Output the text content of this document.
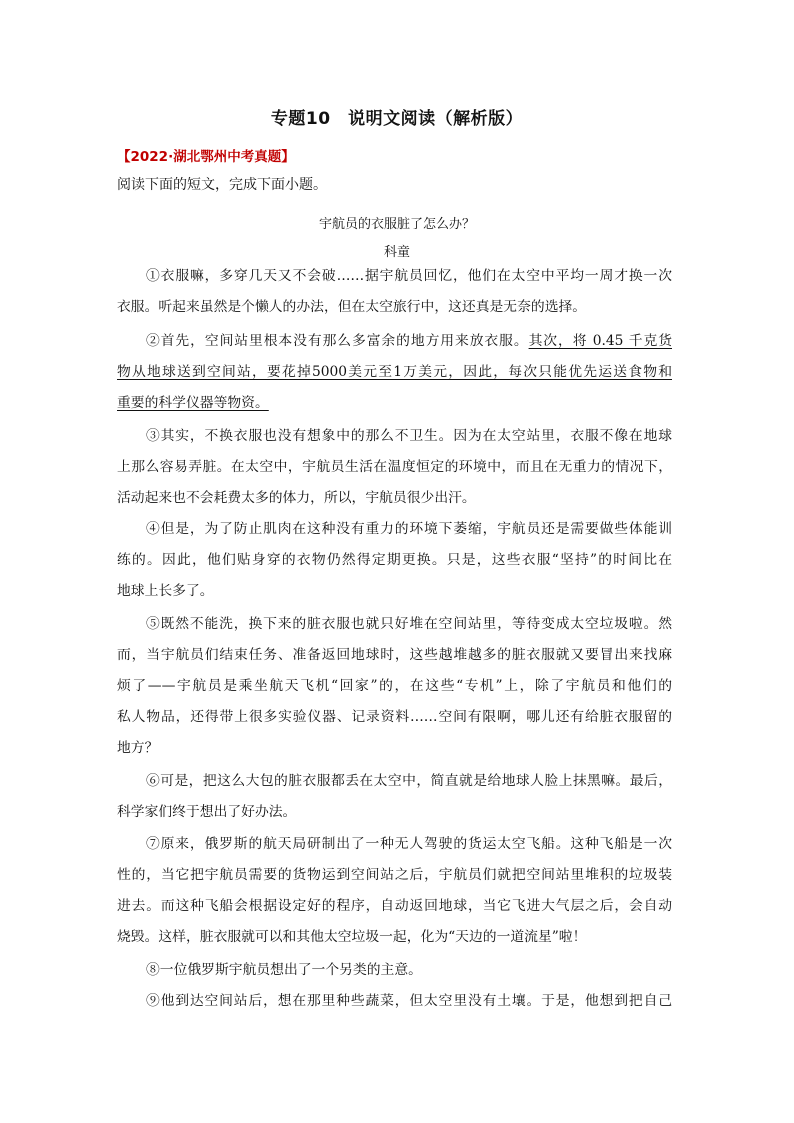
专题10　说明文阅读（解析版）
【2022·湖北鄂州中考真题】
阅读下面的短文，完成下面小题。
宇航员的衣服脏了怎么办？
科童
①衣服嘛，多穿几天又不会破……据宇航员回忆，他们在太空中平均一周才换一次
衣服。听起来虽然是个懒人的办法，但在太空旅行中，这还真是无奈的选择。
②首先，空间站里根本没有那么多富余的地方用来放衣服。其次，将 0.45 千克货
物从地球送到空间站，要花掉5000美元至1万美元，因此，每次只能优先运送食物和
重要的科学仪器等物资。
③其实，不换衣服也没有想象中的那么不卫生。因为在太空站里，衣服不像在地球
上那么容易弄脏。在太空中，宇航员生活在温度恒定的环境中，而且在无重力的情况下，
活动起来也不会耗费太多的体力，所以，宇航员很少出汗。
④但是，为了防止肌肉在这种没有重力的环境下萎缩，宇航员还是需要做些体能训
练的。因此，他们贴身穿的衣物仍然得定期更换。只是，这些衣服“坚持”的时间比在
地球上长多了。
⑤既然不能洗，换下来的脏衣服也就只好堆在空间站里，等待变成太空垃圾啦。然
而，当宇航员们结束任务、准备返回地球时，这些越堆越多的脏衣服就又要冒出来找麻
烦了——宇航员是乘坐航天飞机“回家”的，在这些“专机”上，除了宇航员和他们的
私人物品，还得带上很多实验仪器、记录资料……空间有限啊，哪儿还有给脏衣服留的
地方？
⑥可是，把这么大包的脏衣服都丢在太空中，简直就是给地球人脸上抹黑嘛。最后，
科学家们终于想出了好办法。
⑦原来，俄罗斯的航天局研制出了一种无人驾驶的货运太空飞船。这种飞船是一次
性的，当它把宇航员需要的货物运到空间站之后，宇航员们就把空间站里堆积的垃圾装
进去。而这种飞船会根据设定好的程序，自动返回地球，当它飞进大气层之后，会自动
烧毁。这样，脏衣服就可以和其他太空垃圾一起，化为“天边的一道流星”啦！
⑧一位俄罗斯宇航员想出了一个另类的主意。
⑨他到达空间站后，想在那里种些蔬菜，但太空里没有土壤。于是，他想到把自己
